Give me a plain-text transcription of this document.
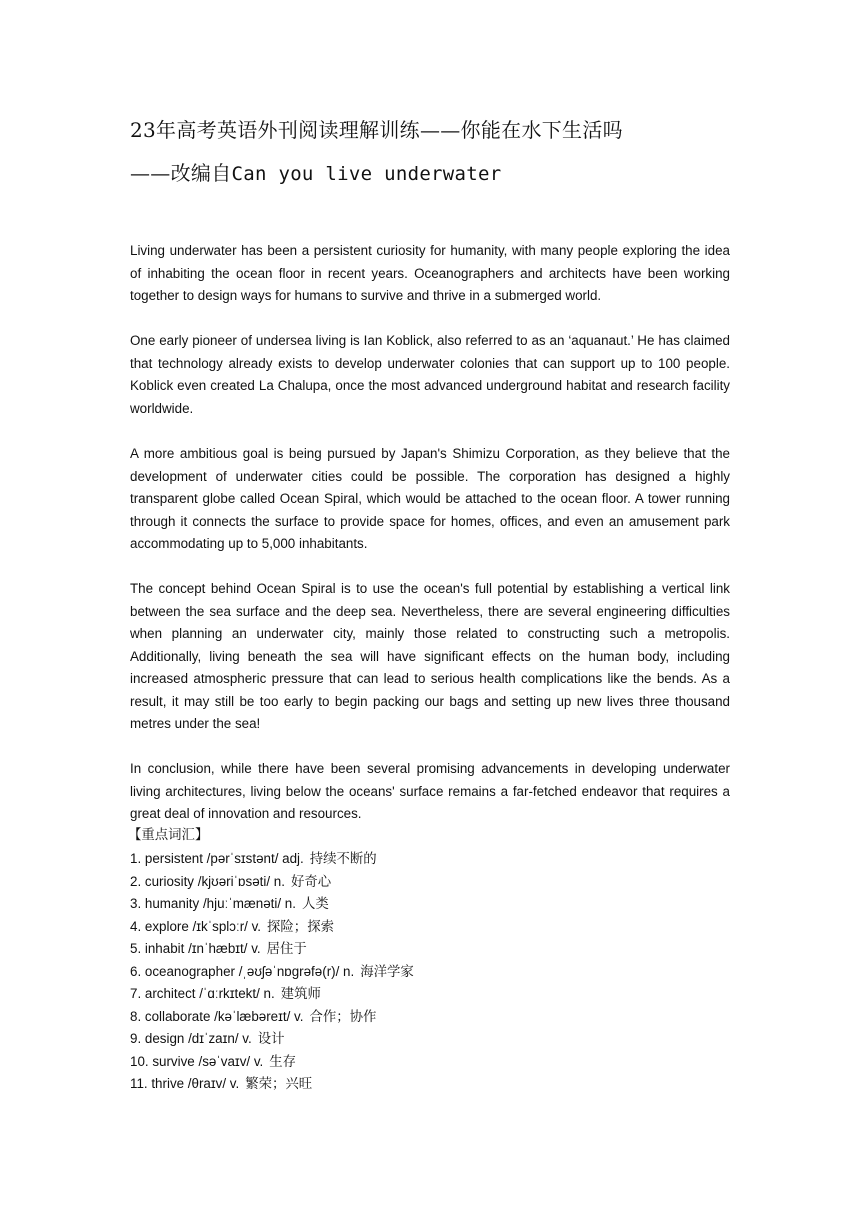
23年高考英语外刊阅读理解训练——你能在水下生活吗
——改编自Can you live underwater

Living underwater has been a persistent curiosity for humanity, with many people exploring the idea of inhabiting the ocean floor in recent years. Oceanographers and architects have been working together to design ways for humans to survive and thrive in a submerged world.

One early pioneer of undersea living is Ian Koblick, also referred to as an ‘aquanaut.’ He has claimed that technology already exists to develop underwater colonies that can support up to 100 people. Koblick even created La Chalupa, once the most advanced underground habitat and research facility worldwide.

A more ambitious goal is being pursued by Japan's Shimizu Corporation, as they believe that the development of underwater cities could be possible. The corporation has designed a highly transparent globe called Ocean Spiral, which would be attached to the ocean floor. A tower running through it connects the surface to provide space for homes, offices, and even an amusement park accommodating up to 5,000 inhabitants.

The concept behind Ocean Spiral is to use the ocean's full potential by establishing a vertical link between the sea surface and the deep sea. Nevertheless, there are several engineering difficulties when planning an underwater city, mainly those related to constructing such a metropolis. Additionally, living beneath the sea will have significant effects on the human body, including increased atmospheric pressure that can lead to serious health complications like the bends. As a result, it may still be too early to begin packing our bags and setting up new lives three thousand metres under the sea!

In conclusion, while there have been several promising advancements in developing underwater living architectures, living below the oceans' surface remains a far-fetched endeavor that requires a great deal of innovation and resources.

【重点词汇】
1. persistent /pərˈsɪstənt/ adj. 持续不断的
2. curiosity /kjʊəriˈɒsəti/ n. 好奇心
3. humanity /hjuːˈmænəti/ n. 人类
4. explore /ɪkˈsplɔːr/ v. 探险；探索
5. inhabit /ɪnˈhæbɪt/ v. 居住于
6. oceanographer /ˌəʊʃəˈnɒɡrəfə(r)/ n. 海洋学家
7. architect /ˈɑːrkɪtekt/ n. 建筑师
8. collaborate /kəˈlæbəreɪt/ v. 合作；协作
9. design /dɪˈzaɪn/ v. 设计
10. survive /səˈvaɪv/ v. 生存
11. thrive /θraɪv/ v. 繁荣；兴旺
